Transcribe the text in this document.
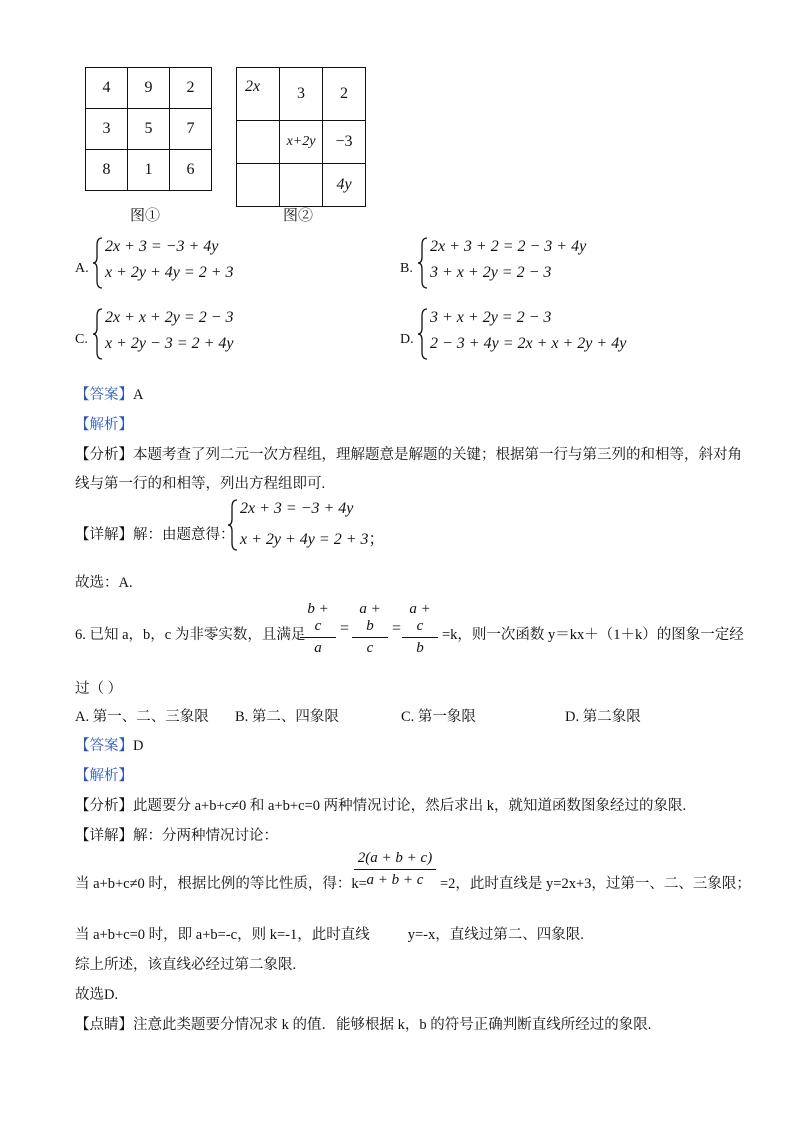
4	9	2
3	5	7
8	1	6
图①
2x	3	2
	x+2y	−3
		4y
图②
A.
2x + 3 = −3 + 4y
x + 2y + 4y = 2 + 3	B.
2x + 3 + 2 = 2 − 3 + 4y
3 + x + 2y = 2 − 3
C.
2x + x + 2y = 2 − 3
x + 2y − 3 = 2 + 4y	D.
3 + x + 2y = 2 − 3
2 − 3 + 4y = 2x + x + 2y + 4y
【答案】A
【解析】
【分析】本题考查了列二元一次方程组，理解题意是解题的关键；根据第一行与第三列的和相等，斜对角
线与第一行的和相等，列出方程组即可.
【详解】解：由题意得：
2x + 3 = −3 + 4y
x + 2y + 4y = 2 + 3；
故选：A.
6. 已知 a，b，c 为非零实数，且满足
b + c
a
=
a + b
c
=
a + c
b
=k，则一次函数 y＝kx＋（1＋k）的图象一定经
过（ ）
A. 第一、二、三象限 B. 第二、四象限	C. 第一象限	D. 第二象限
【答案】D
【解析】
【分析】此题要分 a+b+c≠0 和 a+b+c=0 两种情况讨论，然后求出 k，就知道函数图象经过的象限.
【详解】解：分两种情况讨论：
当 a+b+c≠0 时，根据比例的等比性质，得：k=
2(a + b + c)
a + b + c	=2，此时直线是 y=2x+3，过第一、二、三象限；
当 a+b+c=0 时，即 a+b=-c，则 k=-1，此时直线	y=-x，直线过第二、四象限.
综上所述，该直线必经过第二象限.
故选D.
【点睛】注意此类题要分情况求 k 的值．能够根据 k，b 的符号正确判断直线所经过的象限.
